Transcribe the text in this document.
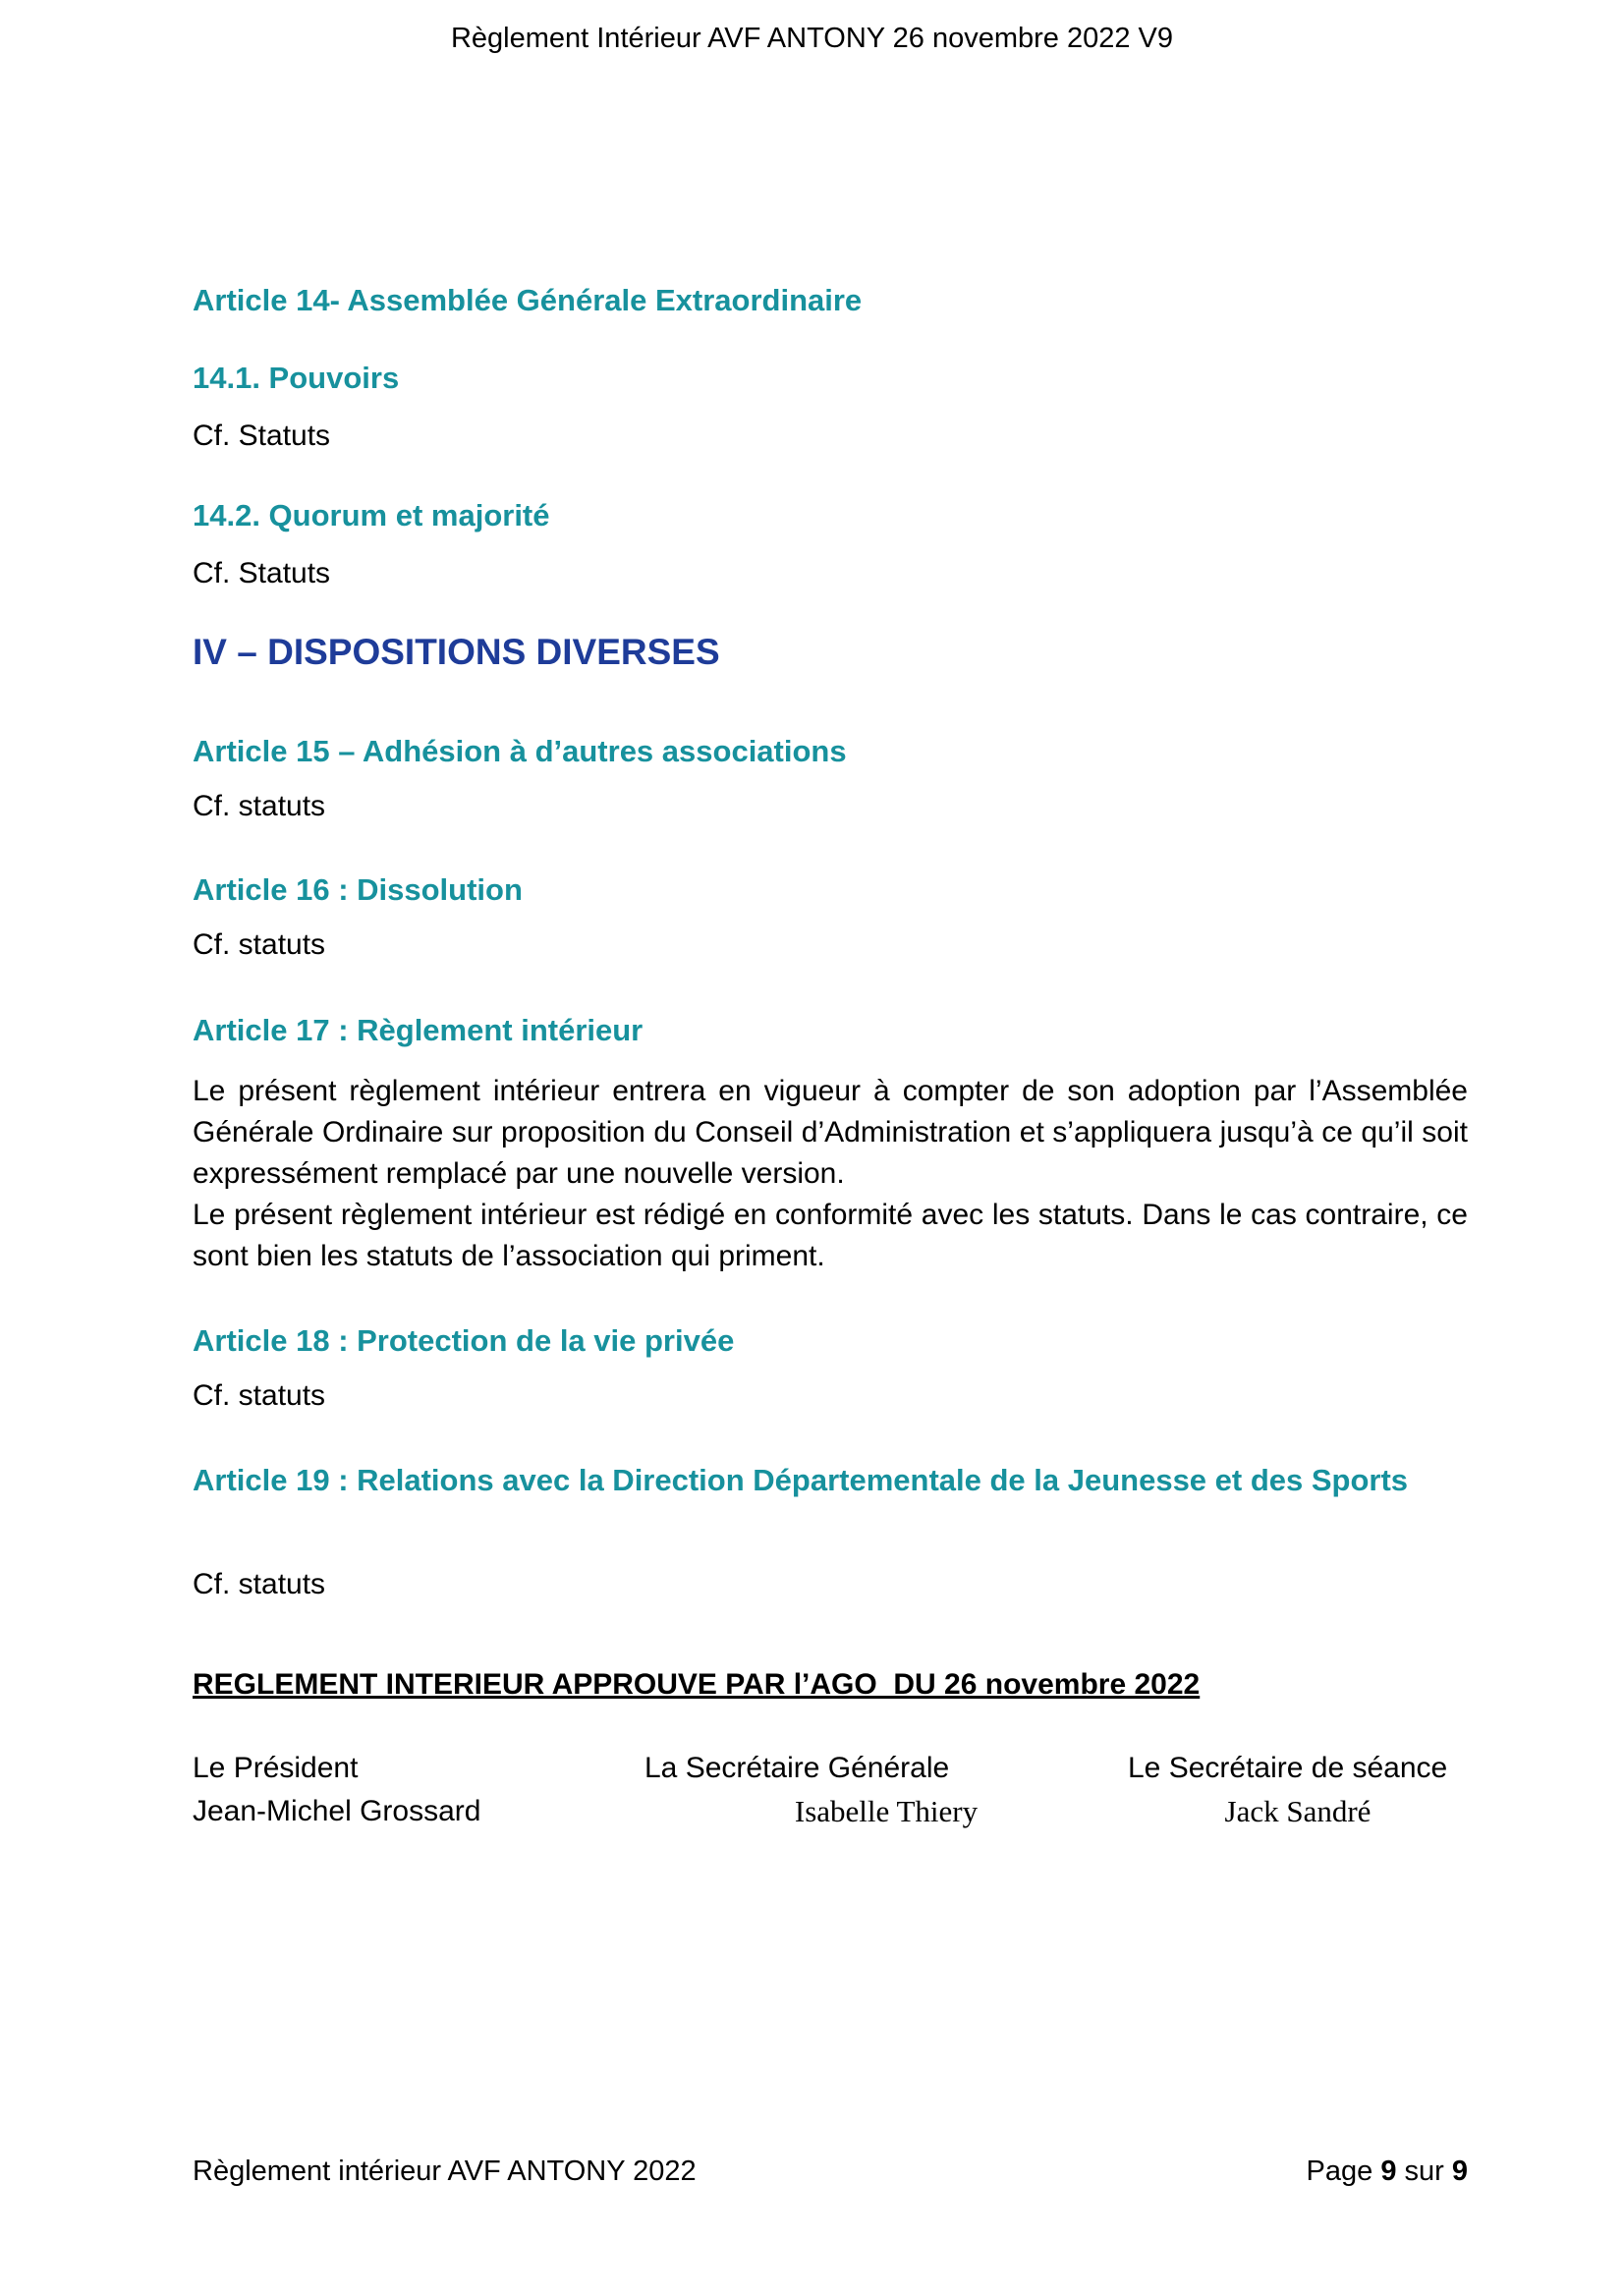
Règlement Intérieur AVF ANTONY 26 novembre 2022 V9
Article 14- Assemblée Générale Extraordinaire
14.1. Pouvoirs

Cf. Statuts

14.2. Quorum et majorité

Cf. Statuts

IV – DISPOSITIONS DIVERSES
Article 15 – Adhésion à d’autres associations

Cf. statuts

Article 16 : Dissolution

Cf. statuts

Article 17 : Règlement intérieur

Le présent règlement intérieur entrera en vigueur à compter de son adoption par l’Assemblée Générale Ordinaire sur proposition du Conseil d’Administration et s’appliquera jusqu’à ce qu’il soit expressément remplacé par une nouvelle version.

Le présent règlement intérieur est rédigé en conformité avec les statuts. Dans le cas contraire, ce sont bien les statuts de l’association qui priment.

Article 18 : Protection de la vie privée

Cf. statuts

Article 19 : Relations avec la Direction Départementale de la Jeunesse et des Sports

Cf. statuts

REGLEMENT INTERIEUR APPROUVE PAR l’AGO  DU 26 novembre 2022

Le Président	La Secrétaire Générale	Le Secrétaire de séance
Jean-Michel Grossard	Isabelle Thiery	Jack Sandré
Règlement intérieur AVF ANTONY 2022	Page 9 sur 9
